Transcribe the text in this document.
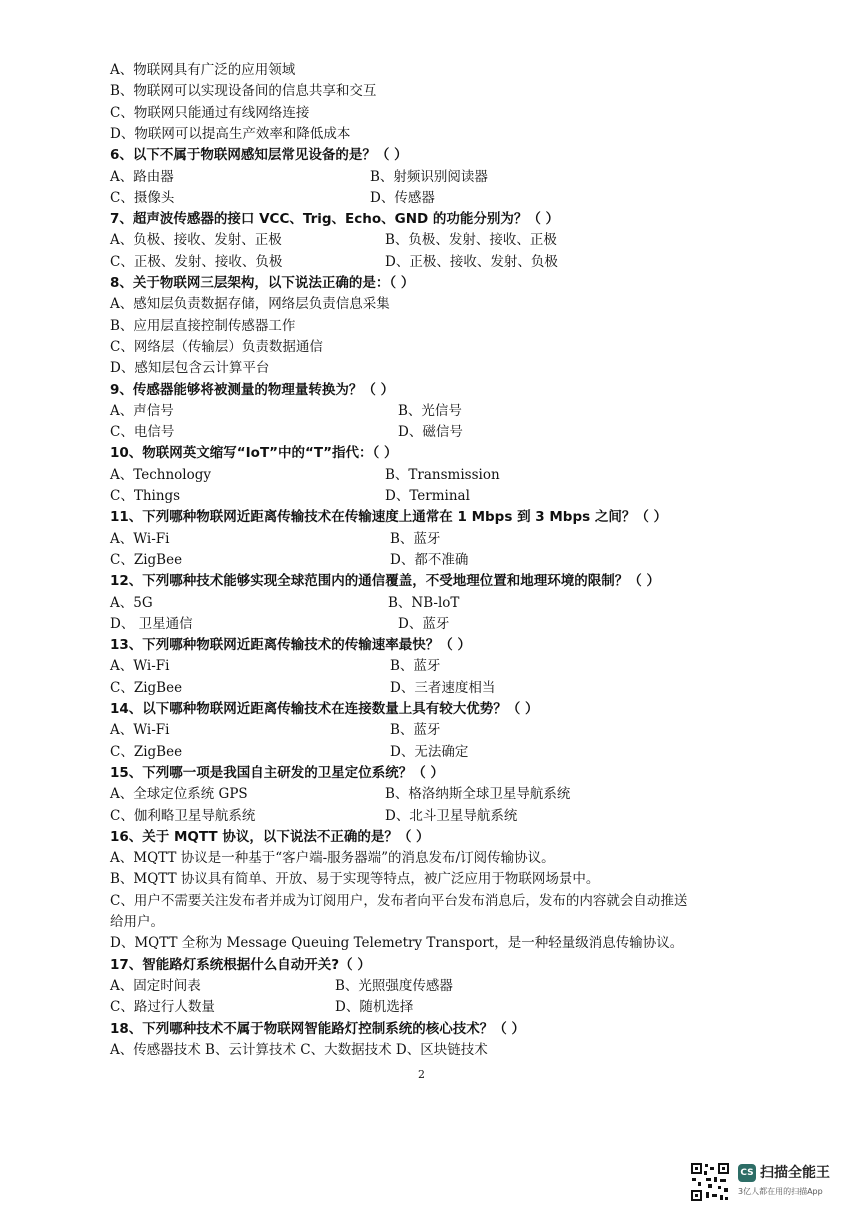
A、物联网具有广泛的应用领域
B、物联网可以实现设备间的信息共享和交互
C、物联网只能通过有线网络连接
D、物联网可以提高生产效率和降低成本
6、以下不属于物联网感知层常见设备的是？（ ）
A、路由器	B、射频识别阅读器
C、摄像头	D、传感器
7、超声波传感器的接口 VCC、Trig、Echo、GND 的功能分别为？（ ）
A、负极、接收、发射、正极	B、负极、发射、接收、正极
C、正极、发射、接收、负极	D、正极、接收、发射、负极
8、关于物联网三层架构，以下说法正确的是：（ ）
A、感知层负责数据存储，网络层负责信息采集
B、应用层直接控制传感器工作
C、网络层（传输层）负责数据通信
D、感知层包含云计算平台
9、传感器能够将被测量的物理量转换为？（ ）
A、声信号	B、光信号
C、电信号	D、磁信号
10、物联网英文缩写“IoT”中的“T”指代：（ ）
A、Technology	B、Transmission
C、Things	D、Terminal
11、下列哪种物联网近距离传输技术在传输速度上通常在 1 Mbps 到 3 Mbps 之间？（ ）
A、Wi-Fi	B、蓝牙
C、ZigBee	D、都不准确
12、下列哪种技术能够实现全球范围内的通信覆盖，不受地理位置和地理环境的限制？（ ）
A、5G	B、NB-loT
D、 卫星通信	D、蓝牙
13、下列哪种物联网近距离传输技术的传输速率最快？（ ）
A、Wi-Fi	B、蓝牙
C、ZigBee	D、三者速度相当
14、以下哪种物联网近距离传输技术在连接数量上具有较大优势？（ ）
A、Wi-Fi	B、蓝牙
C、ZigBee	D、无法确定
15、下列哪一项是我国自主研发的卫星定位系统？（ ）
A、全球定位系统 GPS	B、格洛纳斯全球卫星导航系统
C、伽利略卫星导航系统	D、北斗卫星导航系统
16、关于 MQTT 协议，以下说法不正确的是？（ ）
A、MQTT 协议是一种基于“客户端-服务器端”的消息发布/订阅传输协议。
B、MQTT 协议具有简单、开放、易于实现等特点，被广泛应用于物联网场景中。
C、用户不需要关注发布者并成为订阅用户，发布者向平台发布消息后，发布的内容就会自动推送
给用户。
D、MQTT 全称为 Message Queuing Telemetry Transport，是一种轻量级消息传输协议。
17、智能路灯系统根据什么自动开关?（ ）
A、固定时间表	B、光照强度传感器
C、路过行人数量	D、随机选择
18、下列哪种技术不属于物联网智能路灯控制系统的核心技术？（ ）
A、传感器技术 B、云计算技术 C、大数据技术 D、区块链技术
2
CS 扫描全能王
3亿人都在用的扫描App
